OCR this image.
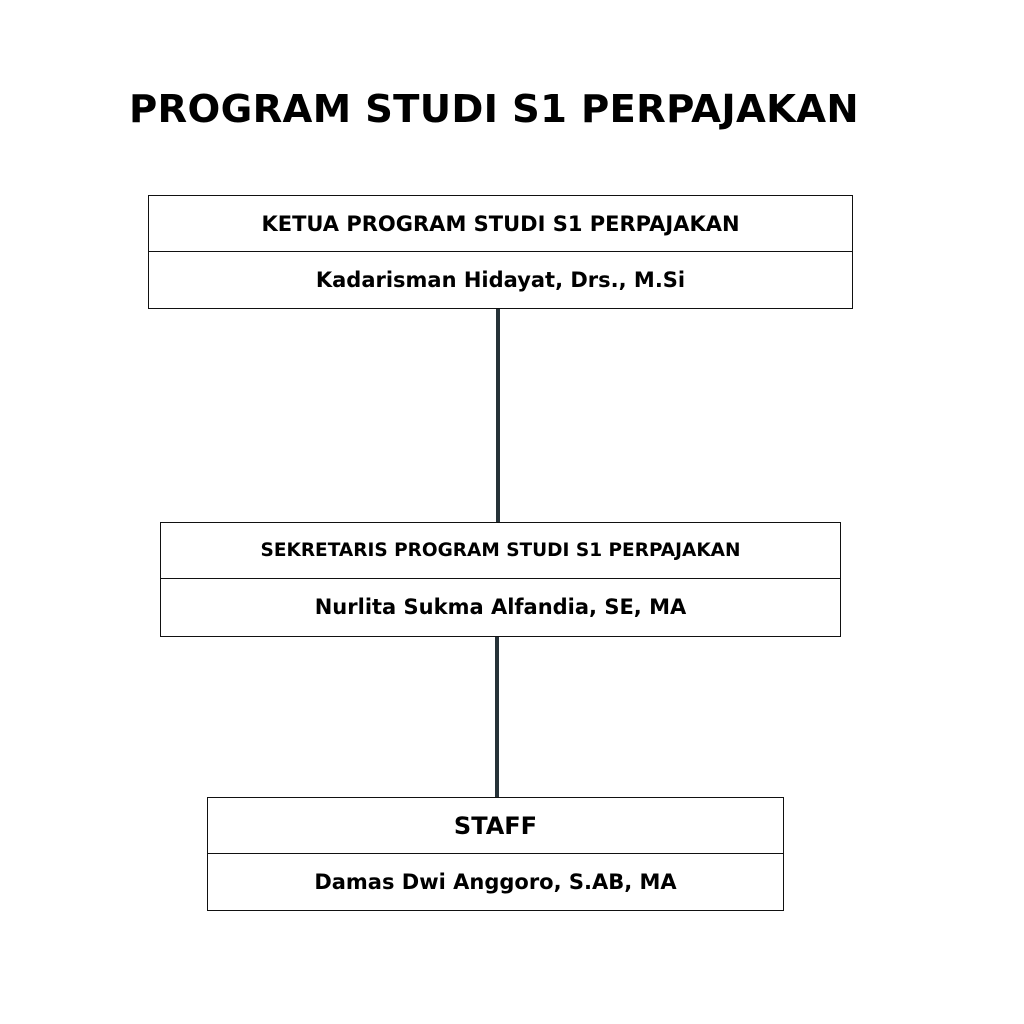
PROGRAM STUDI S1 PERPAJAKAN
KETUA PROGRAM STUDI S1 PERPAJAKAN
Kadarisman Hidayat, Drs., M.Si
SEKRETARIS PROGRAM STUDI S1 PERPAJAKAN
Nurlita Sukma Alfandia, SE, MA
STAFF
Damas Dwi Anggoro, S.AB, MA
